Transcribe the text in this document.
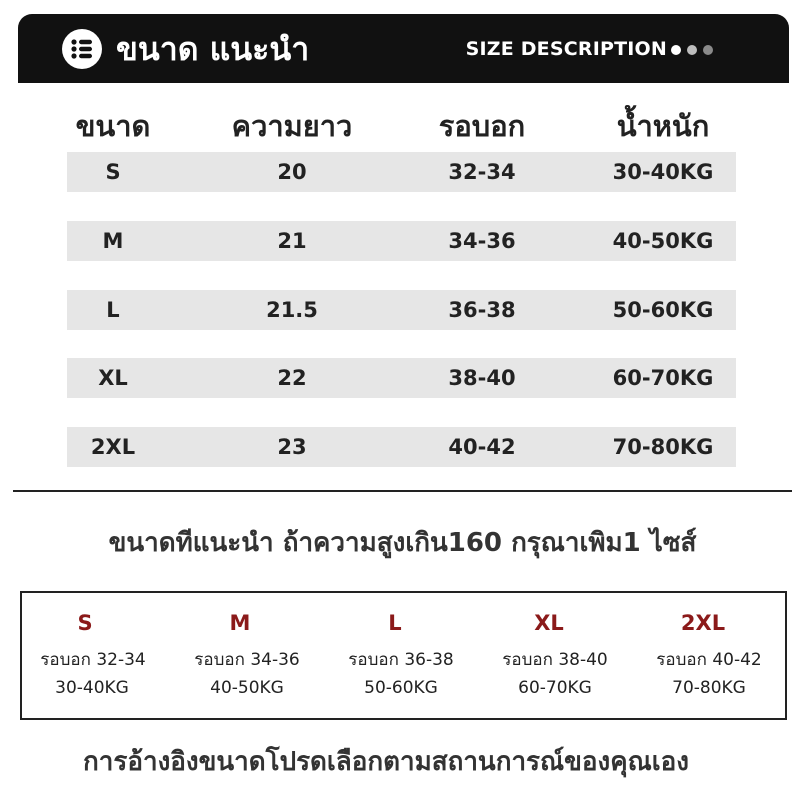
ขนาด แนะนำ	SIZE DESCRIPTION
ขนาด	ความยาว	รอบอก	น้ำหนัก
S	20	32-34	30-40KG
M	21	34-36	40-50KG
L	21.5	36-38	50-60KG
XL	22	38-40	60-70KG
2XL	23	40-42	70-80KG
ขนาดทีแนะนำ ถ้าความสูงเกิน160 กรุณาเพิม1 ไซส์
S
รอบอก 32-34
30-40KG
M
รอบอก 34-36
40-50KG
L
รอบอก 36-38
50-60KG
XL
รอบอก 38-40
60-70KG
2XL
รอบอก 40-42
70-80KG
การอ้างอิงขนาดโปรดเลือกตามสถานการณ์ของคุณเอง
